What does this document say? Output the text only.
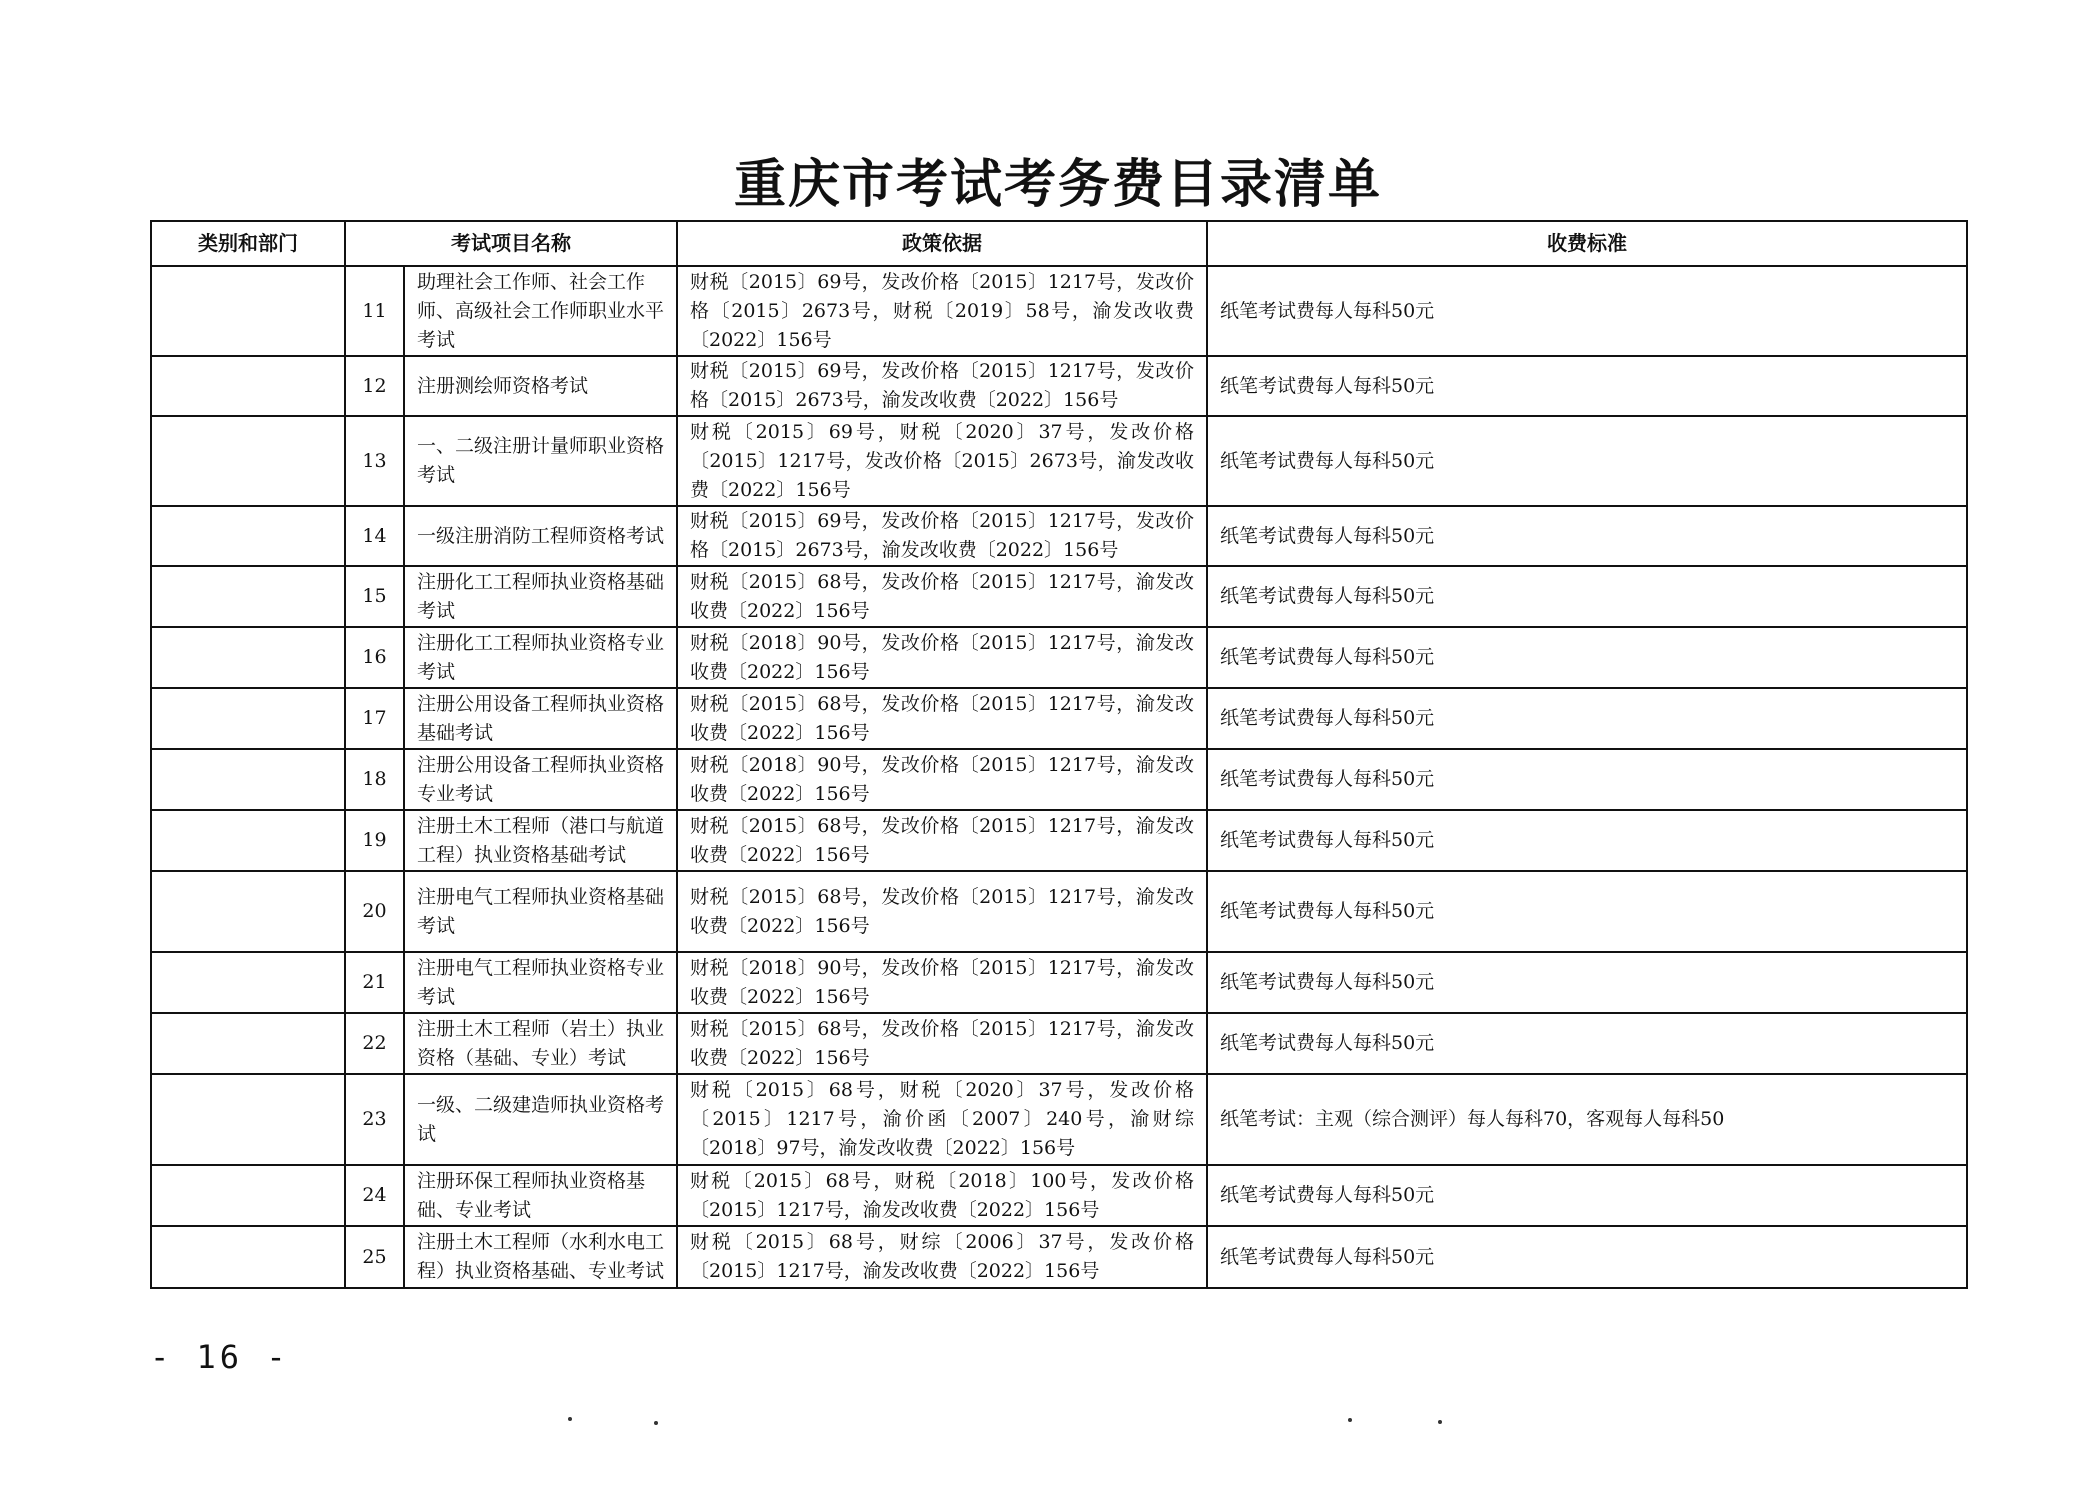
重庆市考试考务费目录清单
类别和部门	考试项目名称		政策依据	收费标准
	11	助理社会工作师、社会工作师、高级社会工作师职业水平考试	财税〔2015〕69号，发改价格〔2015〕1217号，发改价格〔2015〕2673号，财税〔2019〕58号，渝发改收费〔2022〕156号	纸笔考试费每人每科50元
	12	注册测绘师资格考试	财税〔2015〕69号，发改价格〔2015〕1217号，发改价格〔2015〕2673号，渝发改收费〔2022〕156号	纸笔考试费每人每科50元
	13	一、二级注册计量师职业资格考试	财税〔2015〕69号，财税〔2020〕37号，发改价格〔2015〕1217号，发改价格〔2015〕2673号，渝发改收费〔2022〕156号	纸笔考试费每人每科50元
	14	一级注册消防工程师资格考试	财税〔2015〕69号，发改价格〔2015〕1217号，发改价格〔2015〕2673号，渝发改收费〔2022〕156号	纸笔考试费每人每科50元
	15	注册化工工程师执业资格基础考试	财税〔2015〕68号，发改价格〔2015〕1217号，渝发改收费〔2022〕156号	纸笔考试费每人每科50元
	16	注册化工工程师执业资格专业考试	财税〔2018〕90号，发改价格〔2015〕1217号，渝发改收费〔2022〕156号	纸笔考试费每人每科50元
	17	注册公用设备工程师执业资格基础考试	财税〔2015〕68号，发改价格〔2015〕1217号，渝发改收费〔2022〕156号	纸笔考试费每人每科50元
	18	注册公用设备工程师执业资格专业考试	财税〔2018〕90号，发改价格〔2015〕1217号，渝发改收费〔2022〕156号	纸笔考试费每人每科50元
	19	注册土木工程师（港口与航道工程）执业资格基础考试	财税〔2015〕68号，发改价格〔2015〕1217号，渝发改收费〔2022〕156号	纸笔考试费每人每科50元
	20	注册电气工程师执业资格基础考试	财税〔2015〕68号，发改价格〔2015〕1217号，渝发改收费〔2022〕156号	纸笔考试费每人每科50元
	21	注册电气工程师执业资格专业考试	财税〔2018〕90号，发改价格〔2015〕1217号，渝发改收费〔2022〕156号	纸笔考试费每人每科50元
	22	注册土木工程师（岩土）执业资格（基础、专业）考试	财税〔2015〕68号，发改价格〔2015〕1217号，渝发改收费〔2022〕156号	纸笔考试费每人每科50元
	23	一级、二级建造师执业资格考试	财税〔2015〕68号，财税〔2020〕37号，发改价格〔2015〕1217号，渝价函〔2007〕240号，渝财综〔2018〕97号，渝发改收费〔2022〕156号	纸笔考试：主观（综合测评）每人每科70，客观每人每科50
	24	注册环保工程师执业资格基础、专业考试	财税〔2015〕68号，财税〔2018〕100号，发改价格〔2015〕1217号，渝发改收费〔2022〕156号	纸笔考试费每人每科50元
	25	注册土木工程师（水利水电工程）执业资格基础、专业考试	财税〔2015〕68号，财综〔2006〕37号，发改价格〔2015〕1217号，渝发改收费〔2022〕156号	纸笔考试费每人每科50元
- 16 -
